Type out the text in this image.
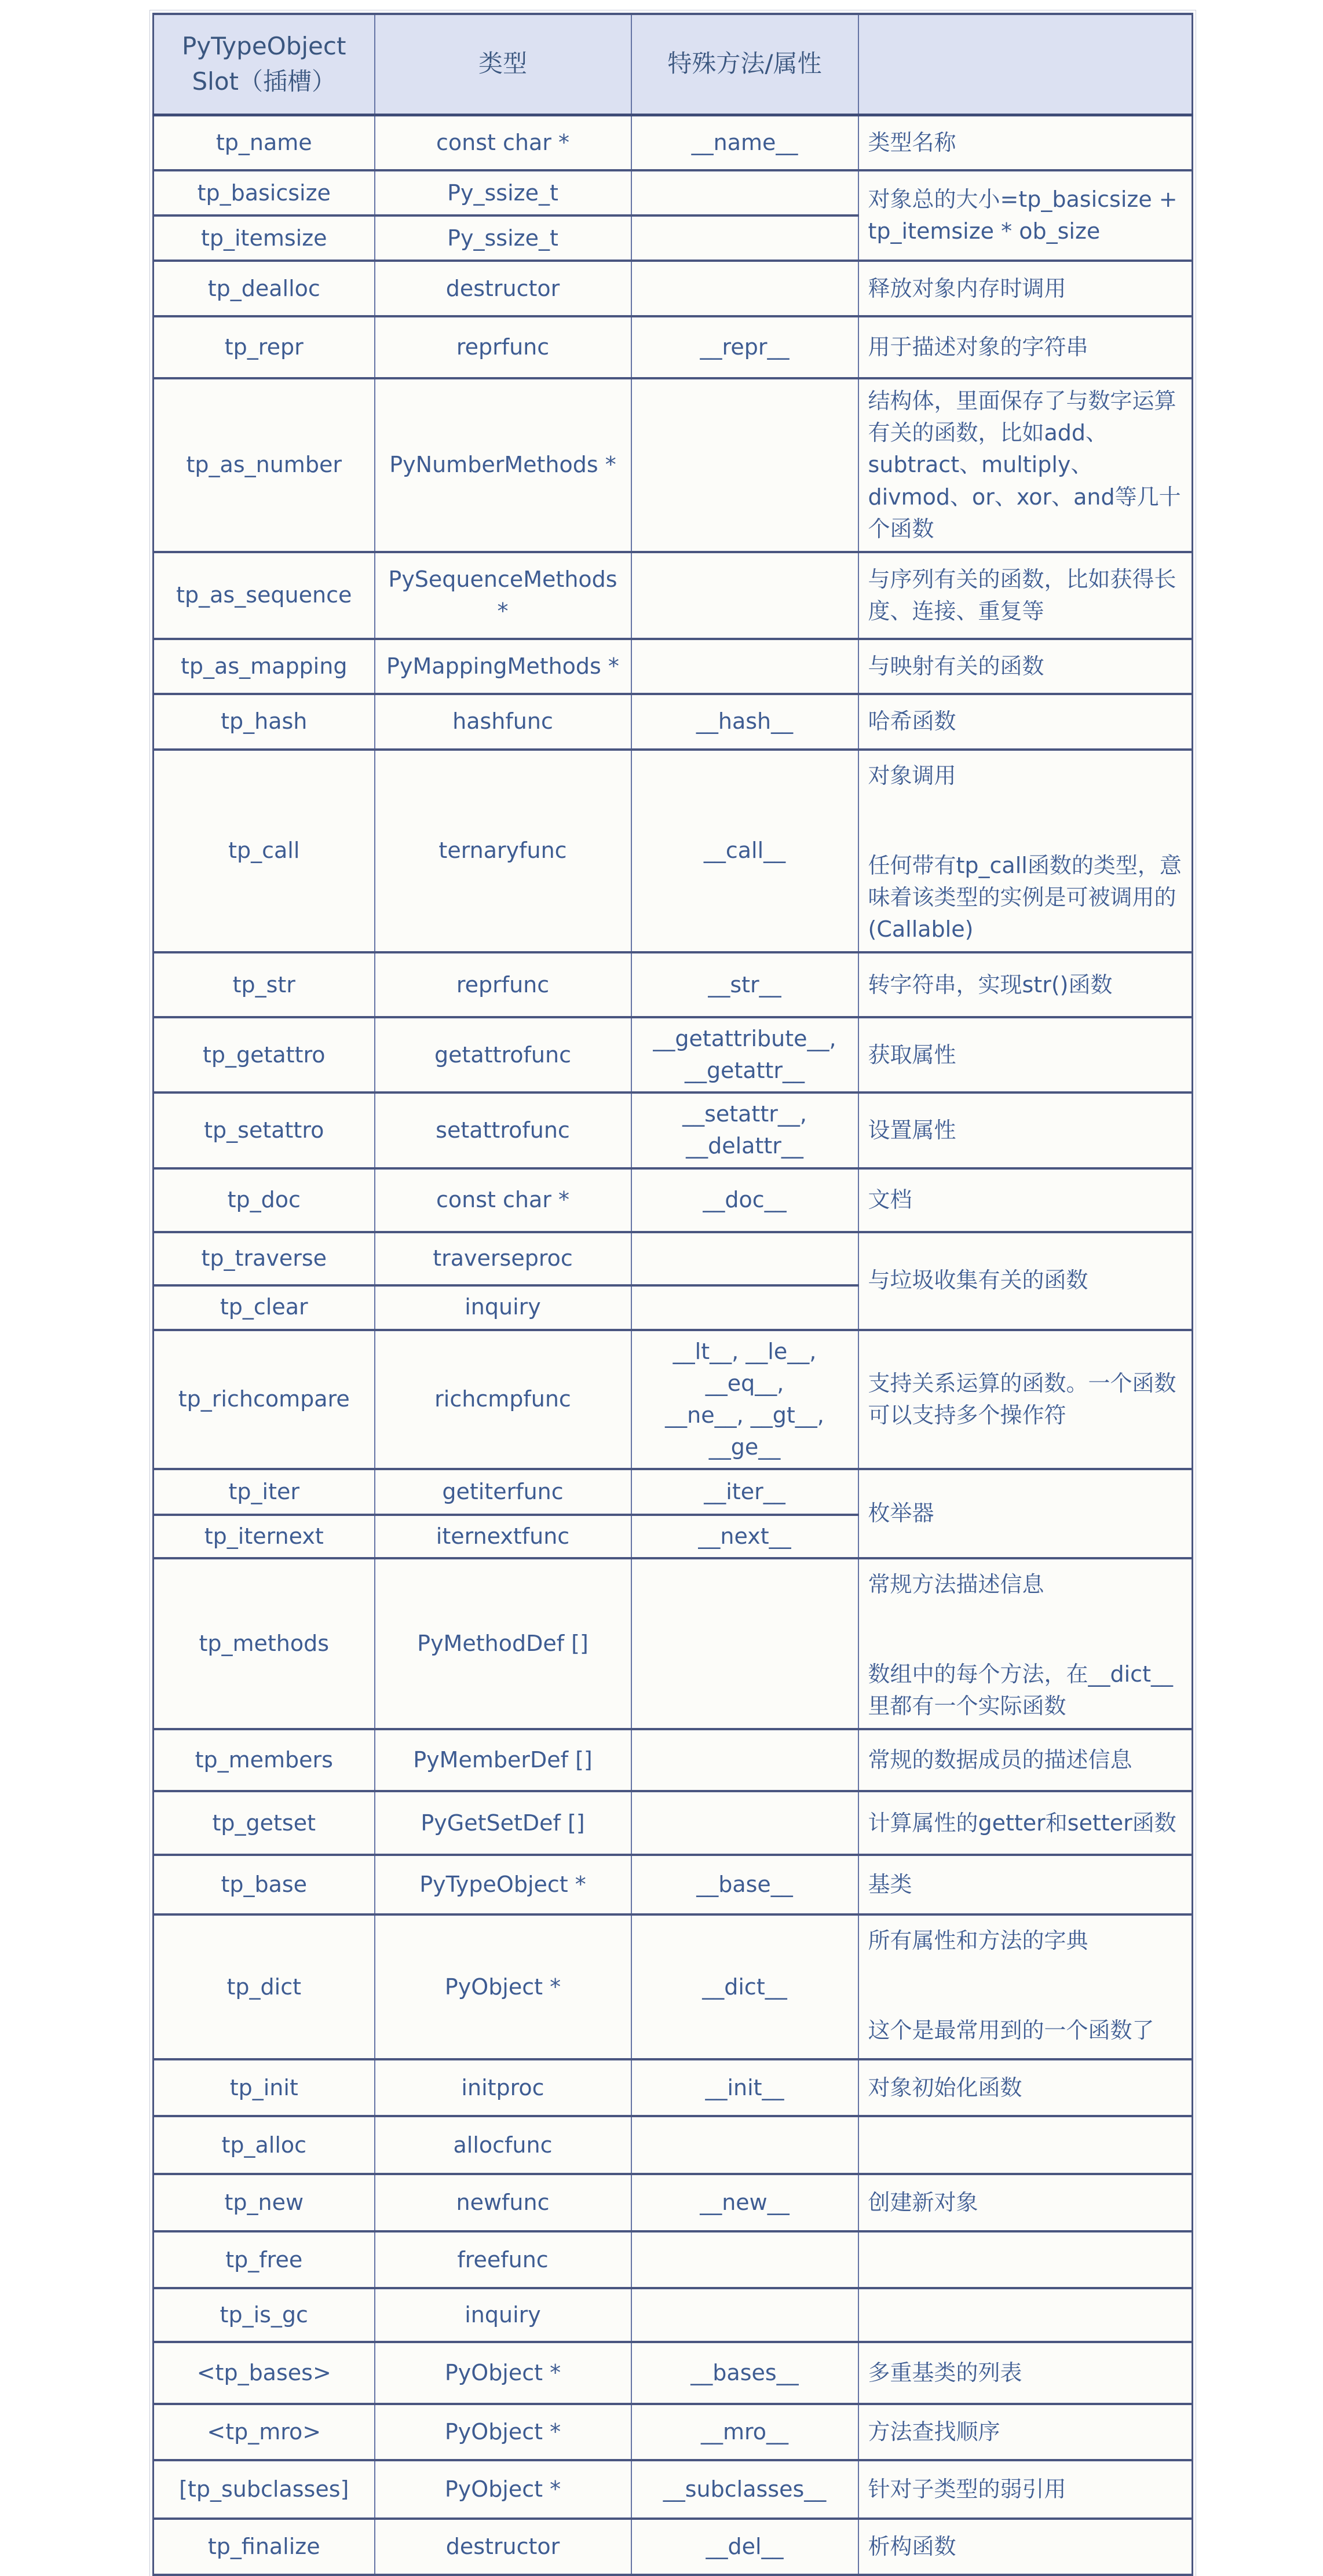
PyTypeObject
Slot（插槽）	类型	特殊方法/属性	

tp_name	const char *	__name__	类型名称

tp_basicsize	Py_ssize_t		对象总的大小=tp_basicsize + tp_itemsize * ob_size

tp_itemsize	Py_ssize_t		
tp_dealloc	destructor		释放对象内存时调用

tp_repr	reprfunc	__repr__	用于描述对象的字符串

tp_as_number	PyNumberMethods *		结构体，里面保存了与数字运算有关的函数，比如add、subtract、multiply、divmod、or、xor、and等几十个函数

tp_as_sequence	PySequenceMethods *		与序列有关的函数，比如获得长度、连接、重复等

tp_as_mapping	PyMappingMethods *		与映射有关的函数

tp_hash	hashfunc	__hash__	哈希函数

tp_call	ternaryfunc	__call__	对象调用
任何带有tp_call函数的类型，意味着该类型的实例是可被调用的(Callable)

tp_str	reprfunc	__str__	转字符串，实现str()函数

tp_getattro	getattrofunc	__getattribute__,
__getattr__	获取属性

tp_setattro	setattrofunc	__setattr__,
__delattr__	设置属性

tp_doc	const char *	__doc__	文档

tp_traverse	traverseproc		与垃圾收集有关的函数

tp_clear	inquiry		
tp_richcompare	richcmpfunc	__lt__, __le__, __eq__,
__ne__, __gt__,
__ge__	支持关系运算的函数。一个函数可以支持多个操作符

tp_iter	getiterfunc	__iter__	枚举器

tp_iternext	iternextfunc	__next__	

tp_methods	PyMethodDef []		常规方法描述信息
数组中的每个方法，在__dict__里都有一个实际函数

tp_members	PyMemberDef []		常规的数据成员的描述信息

tp_getset	PyGetSetDef []		计算属性的getter和setter函数

tp_base	PyTypeObject *	__base__	基类

tp_dict	PyObject *	__dict__	所有属性和方法的字典
这个是最常用到的一个函数了

tp_init	initproc	__init__	对象初始化函数

tp_alloc	allocfunc		
tp_new	newfunc	__new__	创建新对象

tp_free	freefunc		
tp_is_gc	inquiry		
<tp_bases>	PyObject *	__bases__	多重基类的列表

<tp_mro>	PyObject *	__mro__	方法查找顺序

[tp_subclasses]	PyObject *	__subclasses__	针对子类型的弱引用

tp_finalize	destructor	__del__	析构函数
